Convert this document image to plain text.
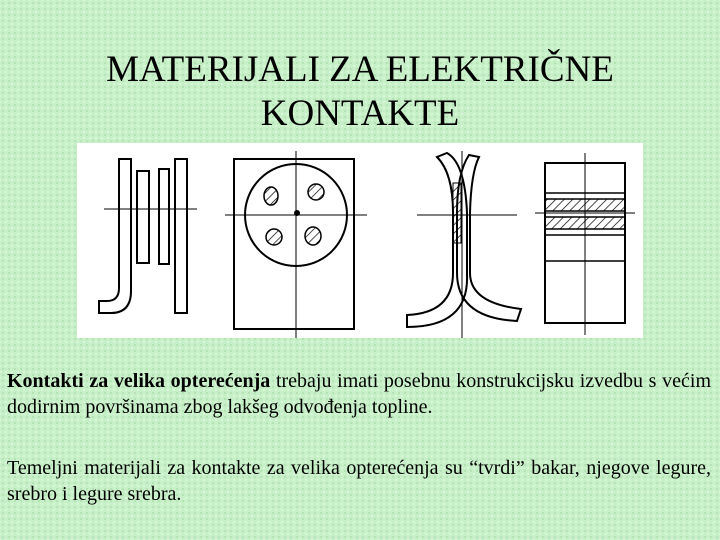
MATERIJALI ZA ELEKTRIČNE
KONTAKTE
Kontakti za velika opterećenja trebaju imati posebnu konstrukcijsku izvedbu s većim dodirnim površinama zbog lakšeg odvođenja topline.
Temeljni materijali za kontakte za velika opterećenja su “tvrdi” bakar, njegove legure, srebro i legure srebra.
